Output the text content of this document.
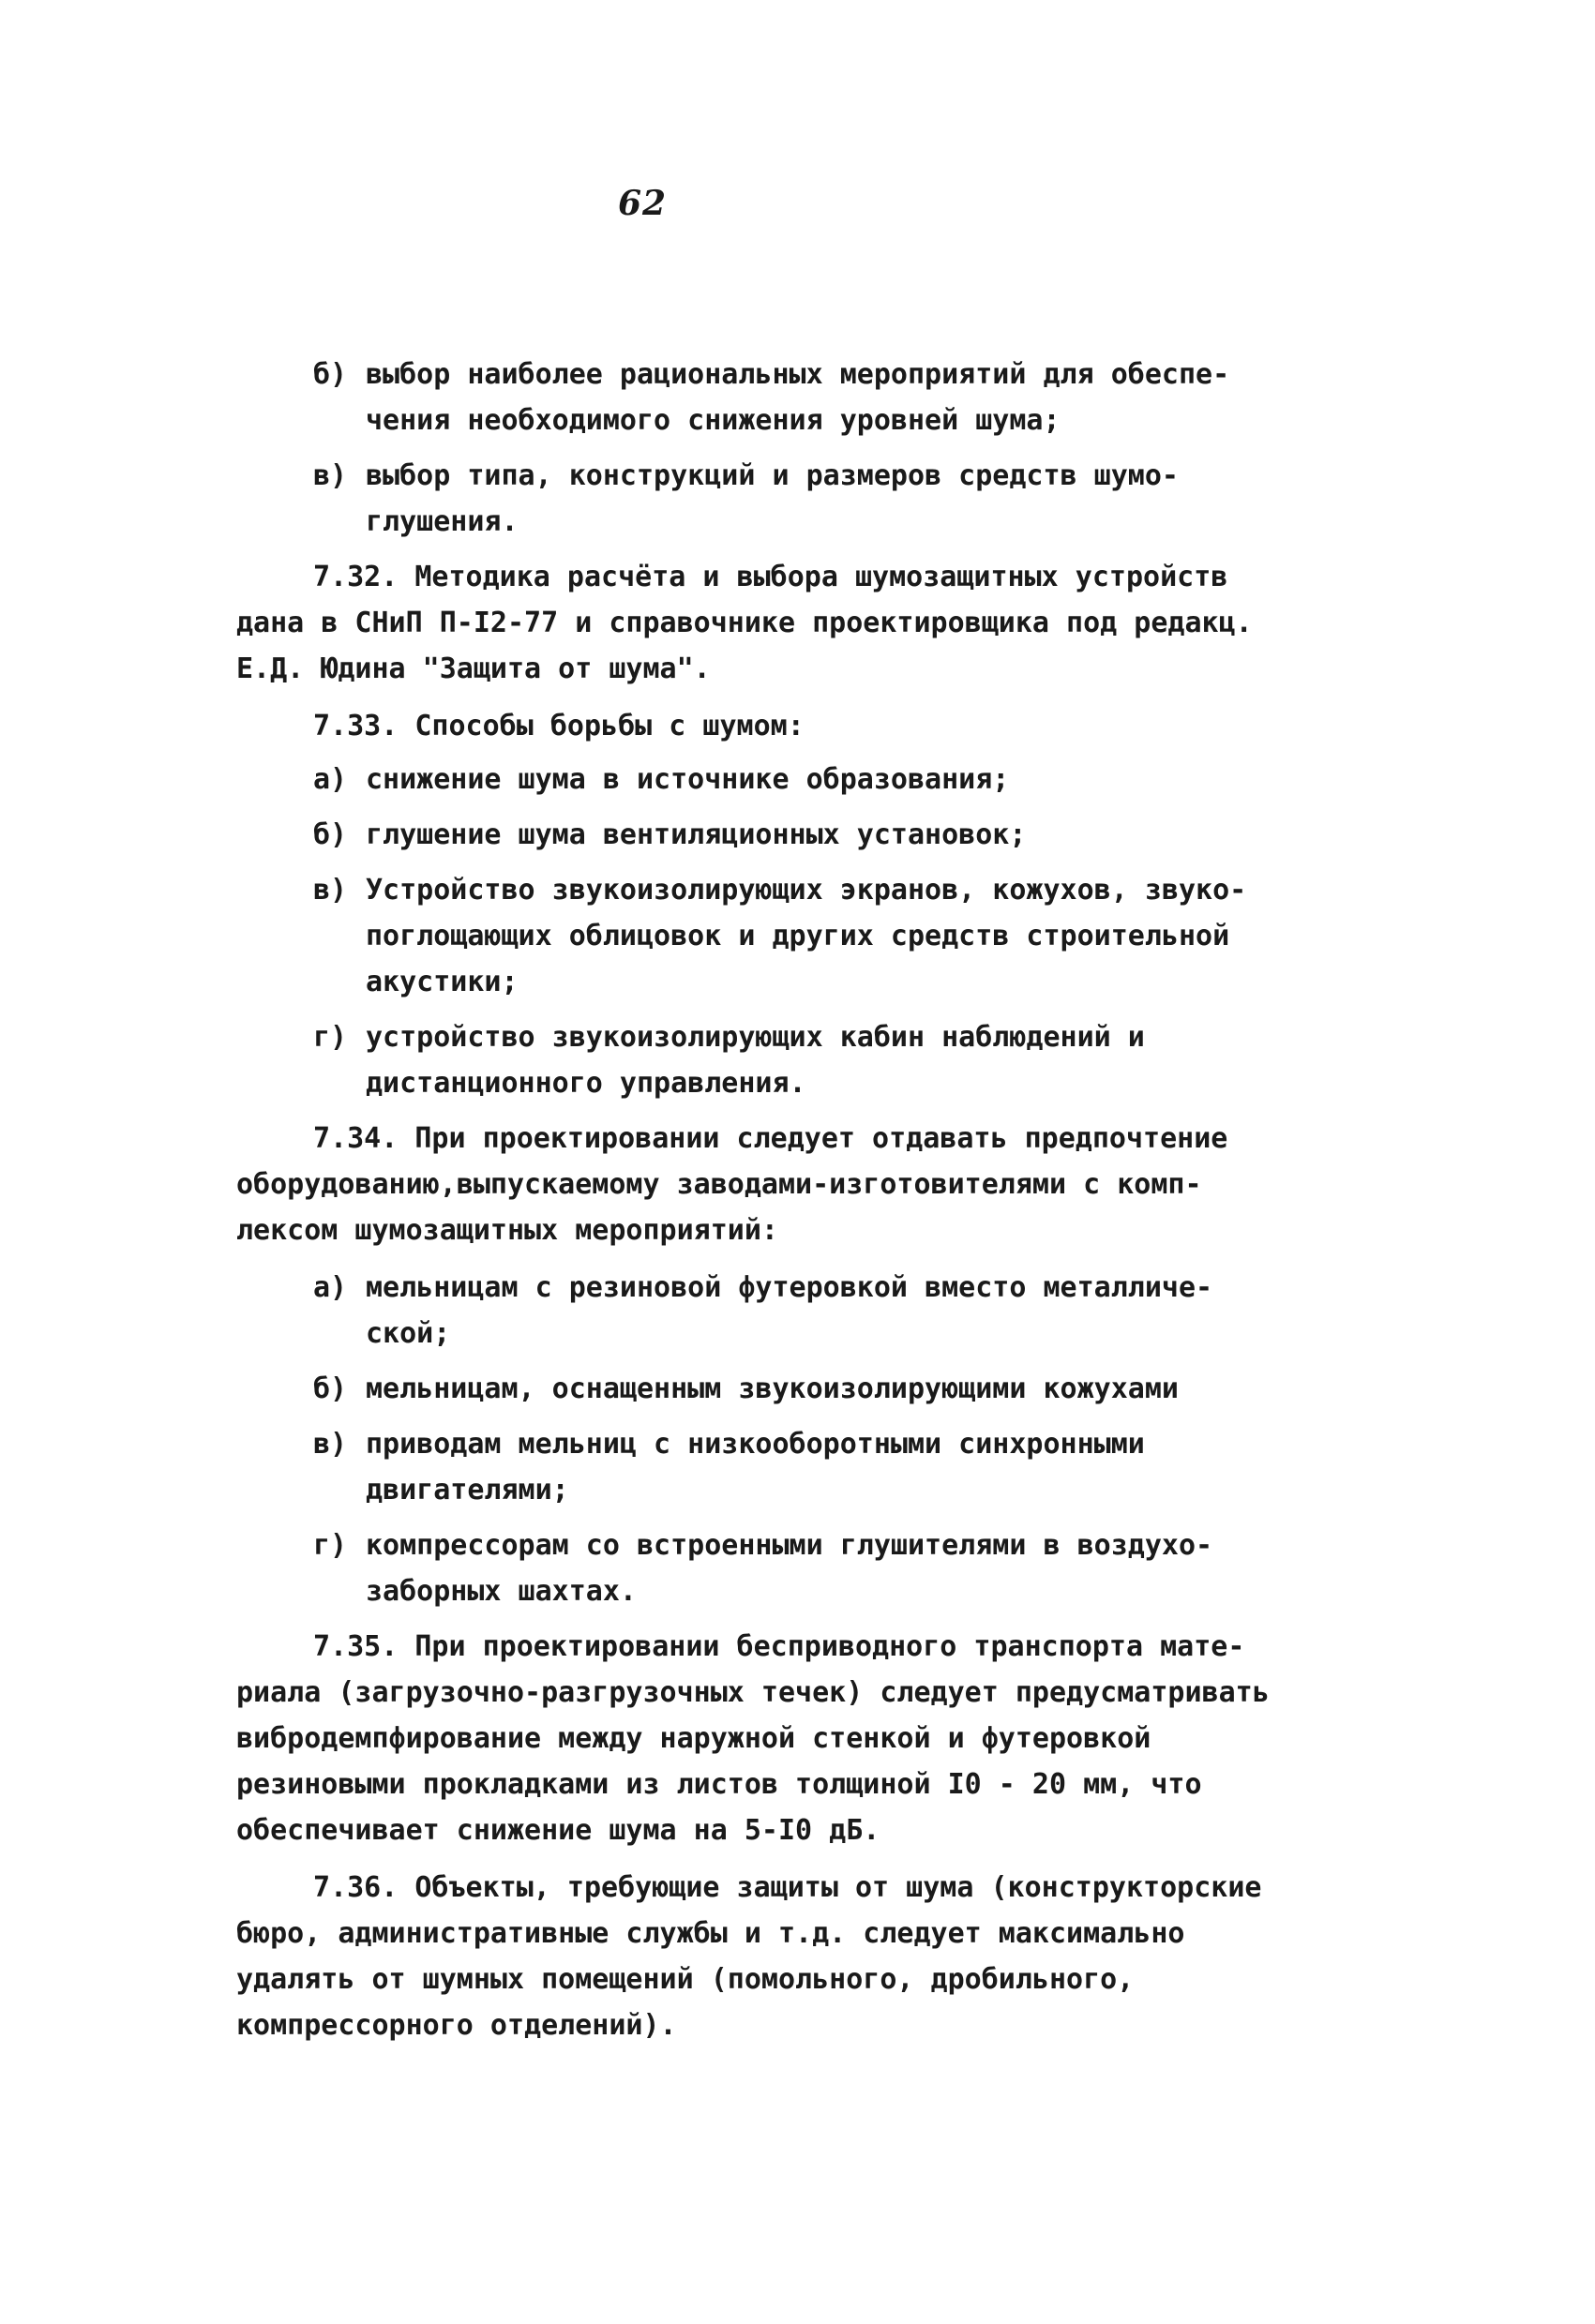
62
б) выбор наиболее рациональных мероприятий для обеспе-
чения необходимого снижения уровней шума;
в) выбор типа, конструкций и размеров средств шумо-
глушения.
7.32. Методика расчёта и выбора шумозащитных устройств
дана в СНиП П-I2-77 и справочнике проектировщика под редакц.
Е.Д. Юдина "Защита от шума".
7.33. Способы борьбы с шумом:
а) снижение шума в источнике образования;
б) глушение шума вентиляционных установок;
в) Устройство звукоизолирующих экранов, кожухов, звуко-
поглощающих облицовок и других средств строительной
акустики;
г) устройство звукоизолирующих кабин наблюдений и
дистанционного управления.
7.34. При проектировании следует отдавать предпочтение
оборудованию,выпускаемому заводами-изготовителями с комп-
лексом шумозащитных мероприятий:
а) мельницам с резиновой футеровкой вместо металличе-
ской;
б) мельницам, оснащенным звукоизолирующими кожухами
в) приводам мельниц с низкооборотными синхронными
двигателями;
г) компрессорам со встроенными глушителями в воздухо-
заборных шахтах.
7.35. При проектировании бесприводного транспорта мате-
риала (загрузочно-разгрузочных течек) следует предусматривать
вибродемпфирование между наружной стенкой и футеровкой
резиновыми прокладками из листов толщиной I0 - 20 мм, что
обеспечивает снижение шума на 5-I0 дБ.
7.36. Объекты, требующие защиты от шума (конструкторские
бюро, административные службы и т.д. следует максимально
удалять от шумных помещений (помольного, дробильного,
компрессорного отделений).
